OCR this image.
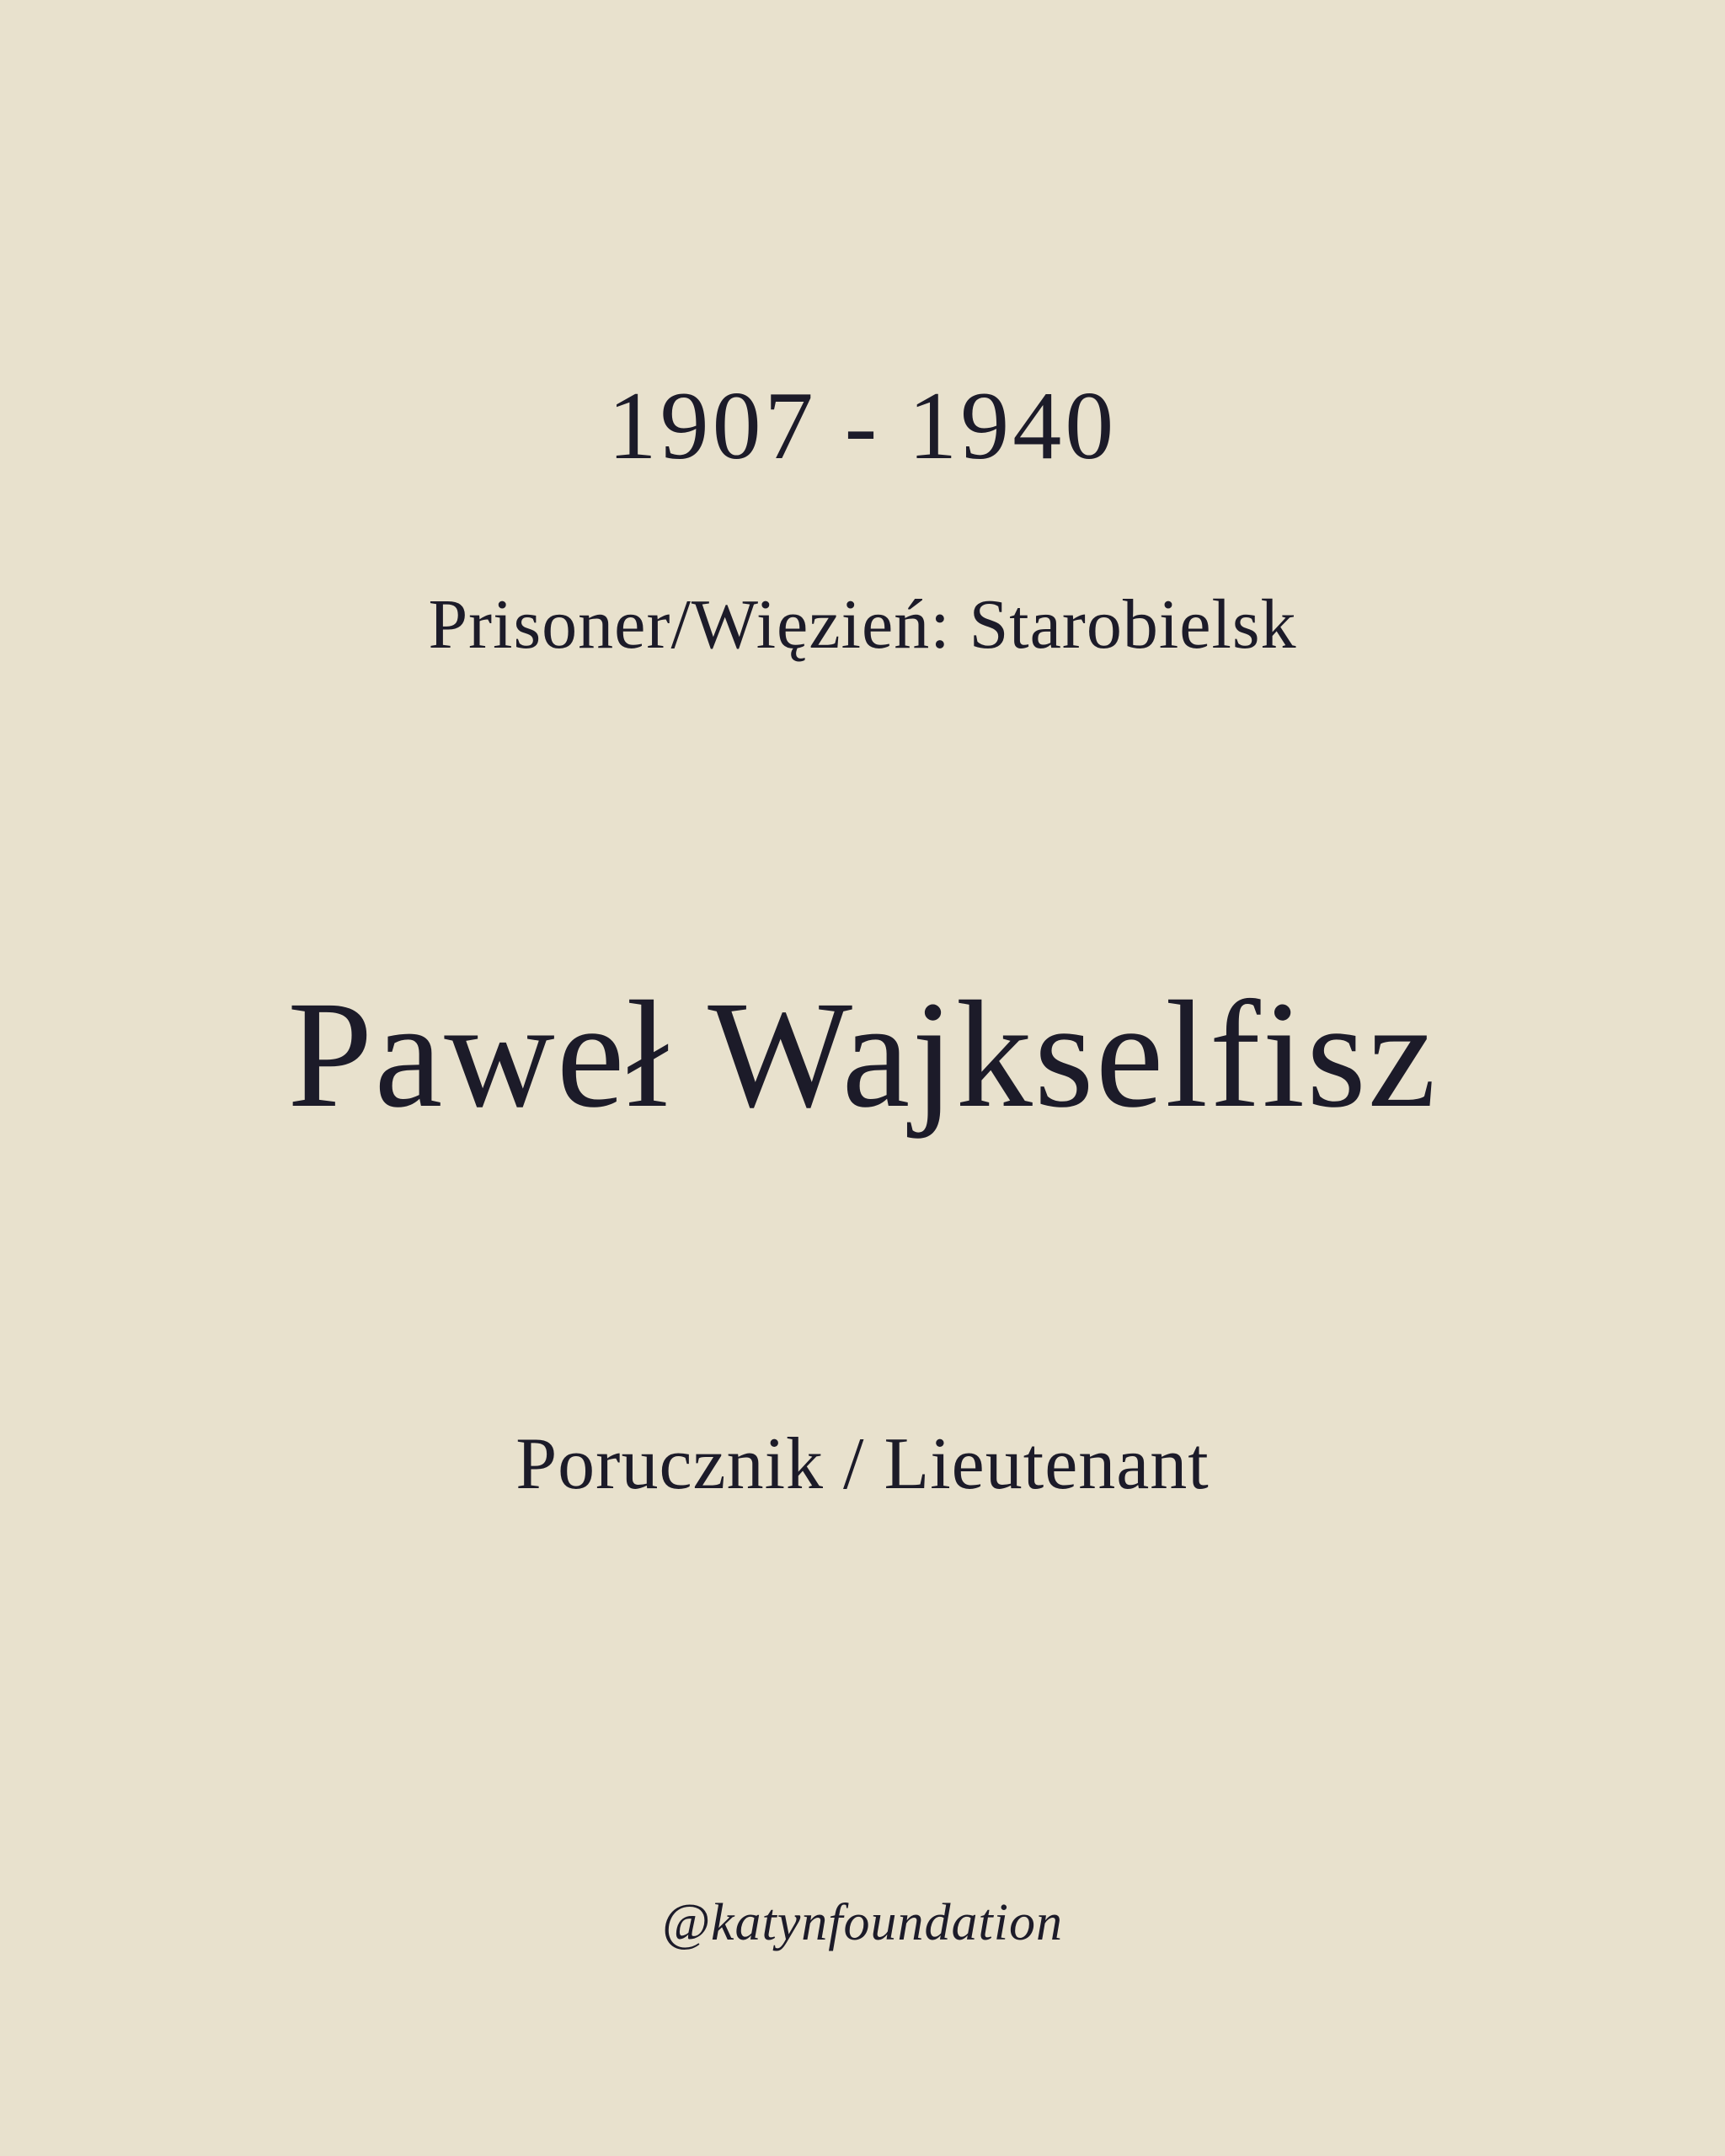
1907 - 1940
Prisoner/Więzień: Starobielsk
Paweł Wajkselfisz
Porucznik / Lieutenant
@katynfoundation
